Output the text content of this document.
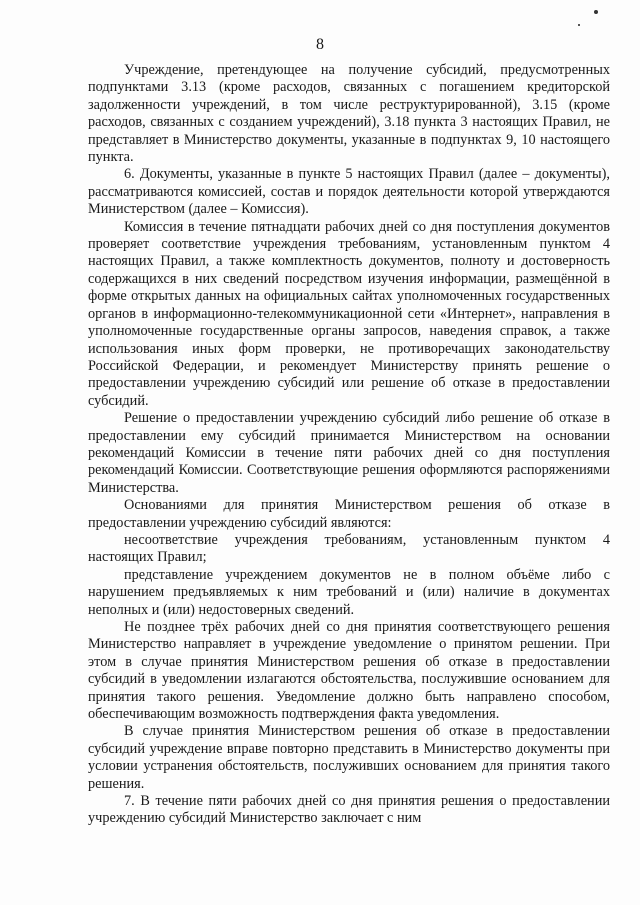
8

Учреждение, претендующее на получение субсидий, предусмотренных подпунктами 3.13 (кроме расходов, связанных с погашением кредиторской задолженности учреждений, в том числе реструктурированной), 3.15 (кроме расходов, связанных с созданием учреждений), 3.18 пункта 3 настоящих Правил, не представляет в Министерство документы, указанные в подпунктах 9, 10 настоящего пункта.

6. Документы, указанные в пункте 5 настоящих Правил (далее – документы), рассматриваются комиссией, состав и порядок деятельности которой утверждаются Министерством (далее – Комиссия).

Комиссия в течение пятнадцати рабочих дней со дня поступления документов проверяет соответствие учреждения требованиям, установленным пунктом 4 настоящих Правил, а также комплектность документов, полноту и достоверность содержащихся в них сведений посредством изучения информации, размещённой в форме открытых данных на официальных сайтах уполномоченных государственных органов в информационно-телекоммуникационной сети «Интернет», направления в уполномоченные государственные органы запросов, наведения справок, а также использования иных форм проверки, не противоречащих законодательству Российской Федерации, и рекомендует Министерству принять решение о предоставлении учреждению субсидий или решение об отказе в предоставлении субсидий.

Решение о предоставлении учреждению субсидий либо решение об отказе в предоставлении ему субсидий принимается Министерством на основании рекомендаций Комиссии в течение пяти рабочих дней со дня поступления рекомендаций Комиссии. Соответствующие решения оформляются распоряжениями Министерства.

Основаниями для принятия Министерством решения об отказе в предоставлении учреждению субсидий являются:

несоответствие учреждения требованиям, установленным пунктом 4 настоящих Правил;

представление учреждением документов не в полном объёме либо с нарушением предъявляемых к ним требований и (или) наличие в документах неполных и (или) недостоверных сведений.

Не позднее трёх рабочих дней со дня принятия соответствующего решения Министерство направляет в учреждение уведомление о принятом решении. При этом в случае принятия Министерством решения об отказе в предоставлении субсидий в уведомлении излагаются обстоятельства, послужившие основанием для принятия такого решения. Уведомление должно быть направлено способом, обеспечивающим возможность подтверждения факта уведомления.

В случае принятия Министерством решения об отказе в предоставлении субсидий учреждение вправе повторно представить в Министерство документы при условии устранения обстоятельств, послуживших основанием для принятия такого решения.

7. В течение пяти рабочих дней со дня принятия решения о предоставлении учреждению субсидий Министерство заключает с ним
